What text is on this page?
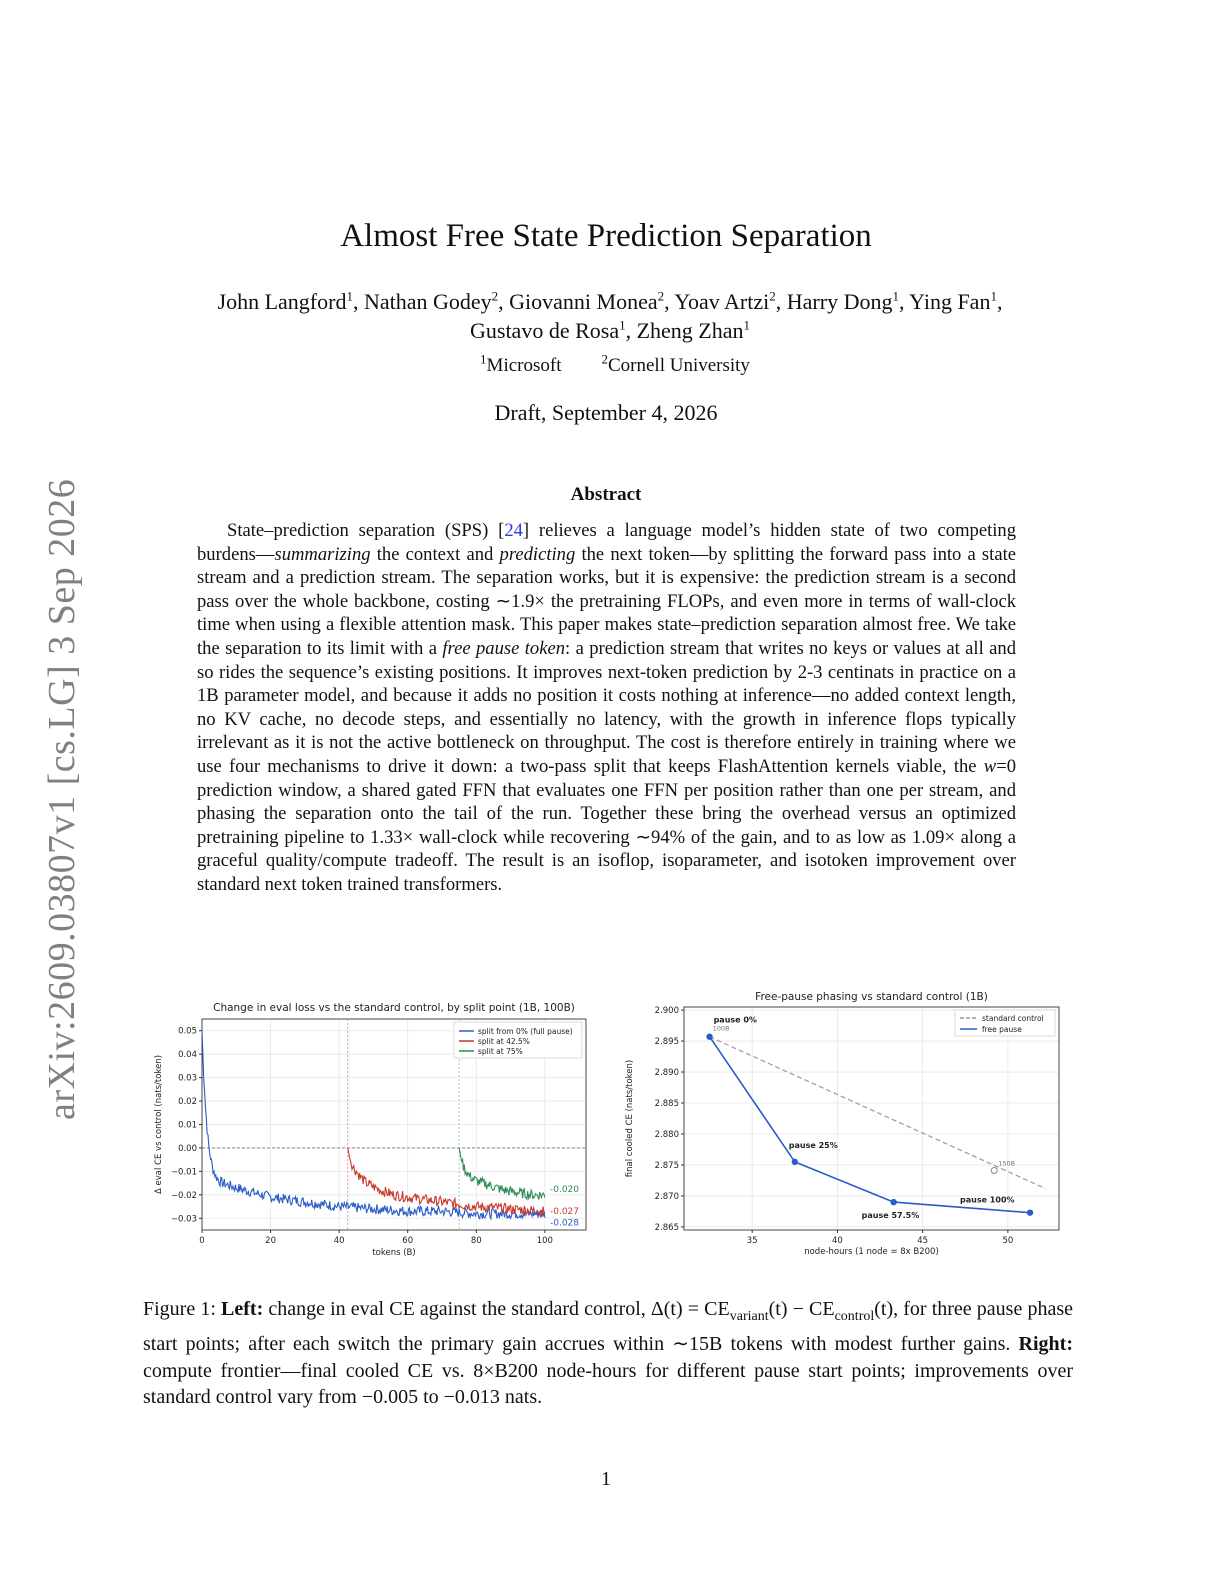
arXiv:2609.03807v1 [cs.LG] 3 Sep 2026
Almost Free State Prediction Separation
John Langford$^1$, Nathan Godey$^2$, Giovanni Monea$^2$, Yoav Artzi$^2$, Harry Dong$^1$, Ying Fan$^1$,
Gustavo de Rosa$^1$, Zheng Zhan$^1$
$^1$Microsoft	$^2$Cornell University
Draft, September 4, 2026
Abstract
State–prediction separation (SPS) [24] relieves a language model’s hidden state of two competing burdens—summarizing the context and predicting the next token—by splitting the forward pass into a state stream and a prediction stream. The separation works, but it is expensive: the prediction stream is a second pass over the whole backbone, costing ∼1.9× the pretraining FLOPs, and even more in terms of wall-clock time when using a flexible attention mask. This paper makes state–prediction separation almost free. We take the separation to its limit with a free pause token: a prediction stream that writes no keys or values at all and so rides the sequence’s existing positions. It improves next-token prediction by 2-3 centinats in practice on a 1B parameter model, and because it adds no position it costs nothing at inference—no added context length, no KV cache, no decode steps, and essentially no latency, with the growth in inference flops typically irrelevant as it is not the active bottleneck on throughput. The cost is therefore entirely in training where we use four mechanisms to drive it down: a two-pass split that keeps FlashAttention kernels viable, the w=0 prediction window, a shared gated FFN that evaluates one FFN per position rather than one per stream, and phasing the separation onto the tail of the run. Together these bring the overhead versus an optimized pretraining pipeline to 1.33× wall-clock while recovering ∼94% of the gain, and to as low as 1.09× along a graceful quality/compute tradeoff. The result is an isoflop, isoparameter, and isotoken improvement over standard next token trained transformers.
Change in eval loss vs the standard control, by split point (1B, 100B)
0	20	40	60	80	100
−0.03
−0.02
−0.01
0.00
0.01
0.02
0.03
0.04
0.05
tokens (B)
Δ eval CE vs control (nats/token)
-0.028
-0.027
-0.020
split from 0% (full pause)
split at 42.5%
split at 75%
Free-pause phasing vs standard control (1B)
35	40	45	50
2.865
2.870
2.875
2.880
2.885
2.890
2.895
2.900
node-hours (1 node = 8x B200)
final cooled CE (nats/token)
pause 0%
pause 25%
pause 57.5%
pause 100%
100B
150B
standard control
free pause
Figure 1: Left: change in eval CE against the standard control, $\Delta(t) = CE_{variant}(t) - CE_{control}(t)$, for three pause phase start points; after each switch the primary gain accrues within ∼15B tokens with modest further gains. Right: compute frontier—final cooled CE vs. 8×B200 node-hours for different pause start points; improvements over standard control vary from −0.005 to −0.013 nats.
1
